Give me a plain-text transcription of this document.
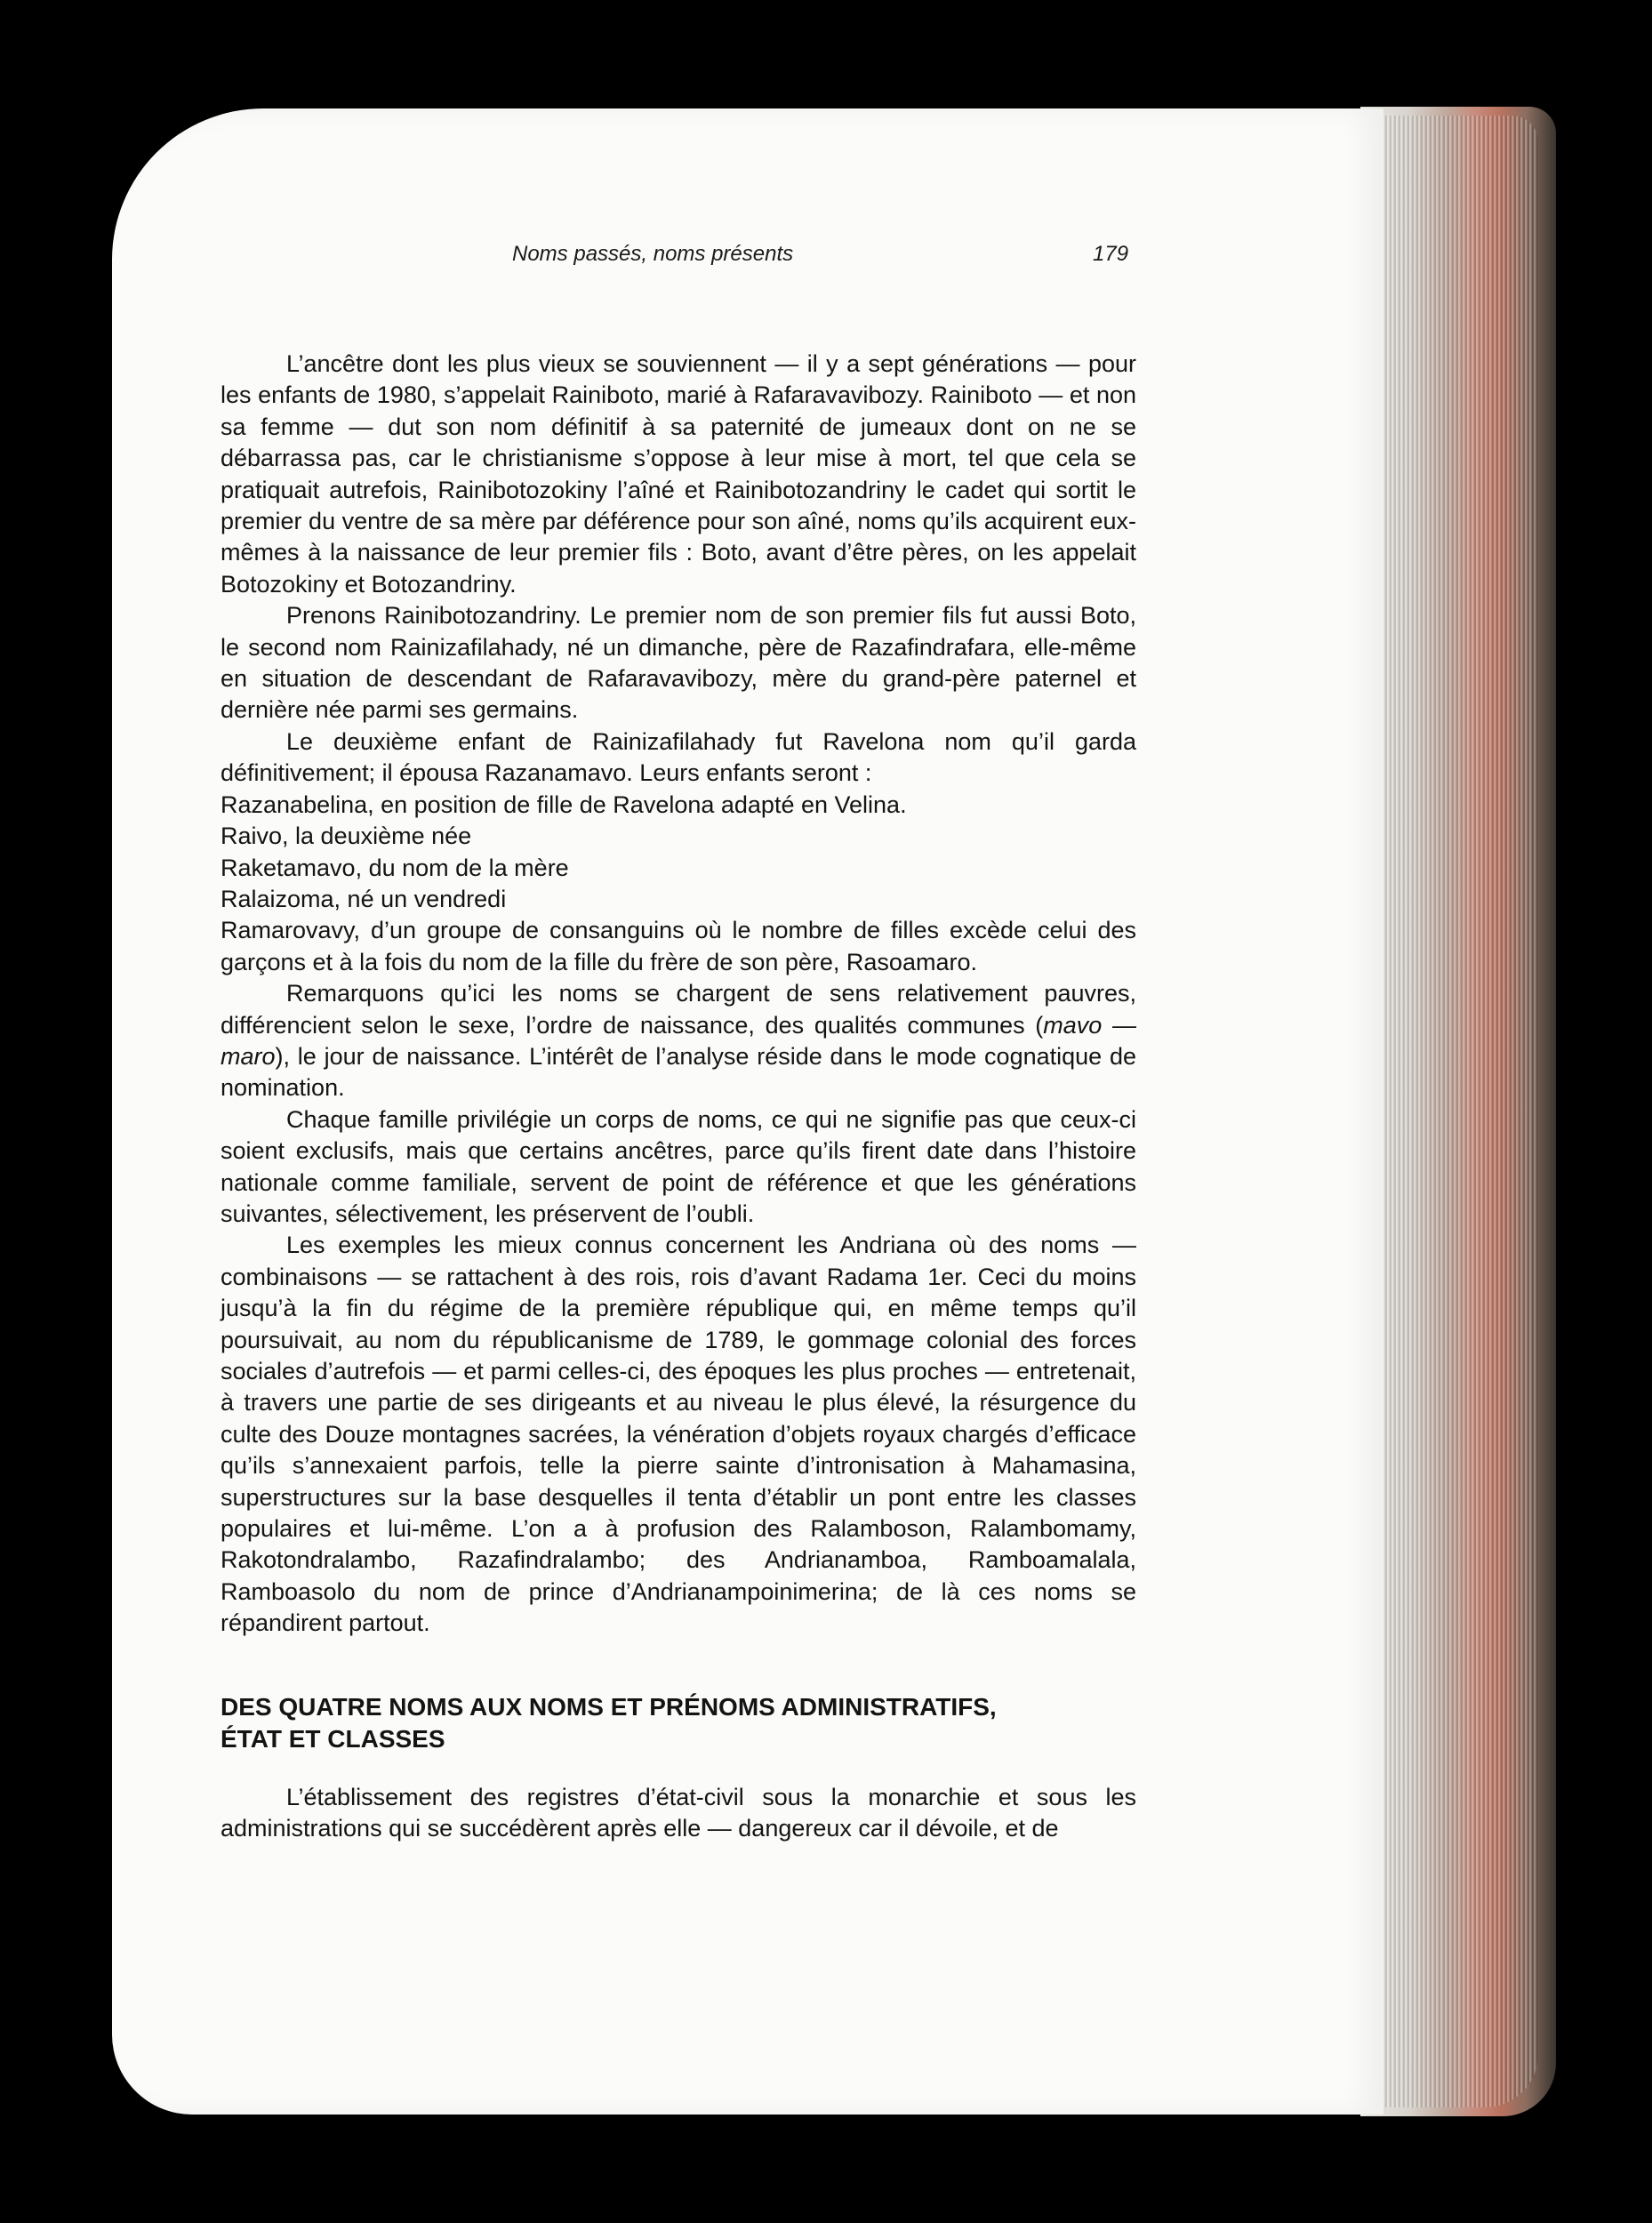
Noms passés, noms présents	179

L’ancêtre dont les plus vieux se souviennent — il y a sept générations — pour les enfants de 1980, s’appelait Rainiboto, marié à Rafaravavibozy. Rainiboto — et non sa femme — dut son nom définitif à sa paternité de jumeaux dont on ne se débarrassa pas, car le christianisme s’oppose à leur mise à mort, tel que cela se pratiquait autrefois, Rainibotozokiny l’aîné et Rainibotozandriny le cadet qui sortit le premier du ventre de sa mère par déférence pour son aîné, noms qu’ils acquirent eux-mêmes à la naissance de leur premier fils : Boto, avant d’être pères, on les appelait Botozokiny et Botozandriny.

Prenons Rainibotozandriny. Le premier nom de son premier fils fut aussi Boto, le second nom Rainizafilahady, né un dimanche, père de Razafindrafara, elle-même en situation de descendant de Rafaravavibozy, mère du grand-père paternel et dernière née parmi ses germains.

Le deuxième enfant de Rainizafilahady fut Ravelona nom qu’il garda définitivement; il épousa Razanamavo. Leurs enfants seront :

Razanabelina, en position de fille de Ravelona adapté en Velina.

Raivo, la deuxième née

Raketamavo, du nom de la mère

Ralaizoma, né un vendredi

Ramarovavy, d’un groupe de consanguins où le nombre de filles excède celui des garçons et à la fois du nom de la fille du frère de son père, Rasoamaro.

Remarquons qu’ici les noms se chargent de sens relativement pauvres, différencient selon le sexe, l’ordre de naissance, des qualités communes (mavo — maro), le jour de naissance. L’intérêt de l’analyse réside dans le mode cognatique de nomination.

Chaque famille privilégie un corps de noms, ce qui ne signifie pas que ceux-ci soient exclusifs, mais que certains ancêtres, parce qu’ils firent date dans l’histoire nationale comme familiale, servent de point de référence et que les générations suivantes, sélectivement, les préservent de l’oubli.

Les exemples les mieux connus concernent les Andriana où des noms — combinaisons — se rattachent à des rois, rois d’avant Radama 1er. Ceci du moins jusqu’à la fin du régime de la première république qui, en même temps qu’il poursuivait, au nom du républicanisme de 1789, le gommage colonial des forces sociales d’autrefois — et parmi celles-ci, des époques les plus proches — entretenait, à travers une partie de ses dirigeants et au niveau le plus élevé, la résurgence du culte des Douze montagnes sacrées, la vénération d’objets royaux chargés d’efficace qu’ils s’annexaient parfois, telle la pierre sainte d’intronisation à Mahamasina, superstructures sur la base desquelles il tenta d’établir un pont entre les classes populaires et lui-même. L’on a à profusion des Ralamboson, Ralambomamy, Rakotondralambo, Razafindralambo; des Andrianamboa, Ramboamalala, Ramboasolo du nom de prince d’Andrianampoinimerina; de là ces noms se répandirent partout.

DES QUATRE NOMS AUX NOMS ET PRÉNOMS ADMINISTRATIFS,
ÉTAT ET CLASSES

L’établissement des registres d’état-civil sous la monarchie et sous les administrations qui se succédèrent après elle — dangereux car il dévoile, et de
